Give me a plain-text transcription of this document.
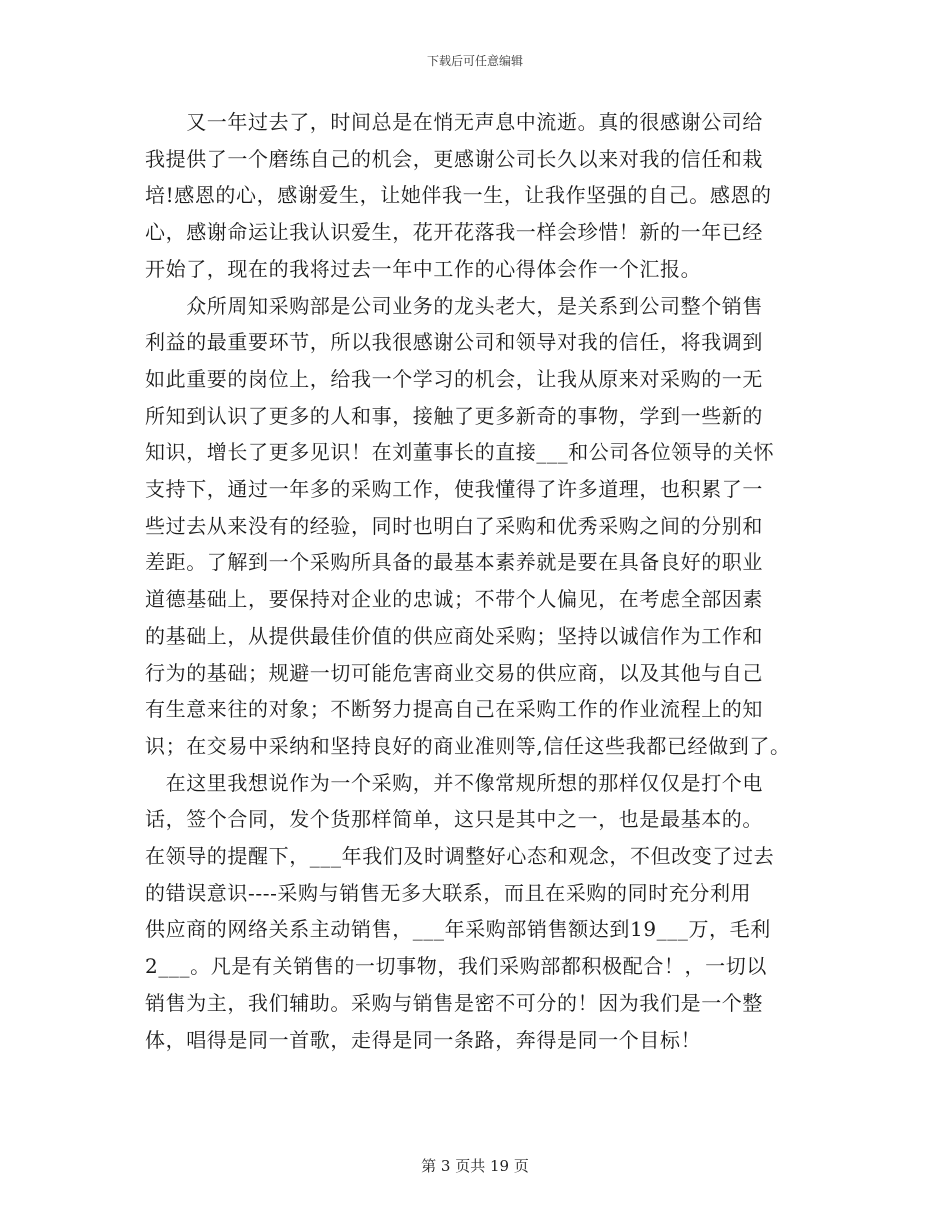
下载后可任意编辑

　　又一年过去了，时间总是在悄无声息中流逝。真的很感谢公司给
我提供了一个磨练自己的机会，更感谢公司长久以来对我的信任和栽
培!感恩的心，感谢爱生，让她伴我一生，让我作坚强的自己。感恩的
心，感谢命运让我认识爱生，花开花落我一样会珍惜！新的一年已经
开始了，现在的我将过去一年中工作的心得体会作一个汇报。

　　众所周知采购部是公司业务的龙头老大，是关系到公司整个销售
利益的最重要环节，所以我很感谢公司和领导对我的信任，将我调到
如此重要的岗位上，给我一个学习的机会，让我从原来对采购的一无
所知到认识了更多的人和事，接触了更多新奇的事物，学到一些新的
知识，增长了更多见识！在刘董事长的直接___和公司各位领导的关怀
支持下，通过一年多的采购工作，使我懂得了许多道理，也积累了一
些过去从来没有的经验，同时也明白了采购和优秀采购之间的分别和
差距。了解到一个采购所具备的最基本素养就是要在具备良好的职业
道德基础上，要保持对企业的忠诚；不带个人偏见，在考虑全部因素
的基础上，从提供最佳价值的供应商处采购；坚持以诚信作为工作和
行为的基础；规避一切可能危害商业交易的供应商，以及其他与自己
有生意来往的对象；不断努力提高自己在采购工作的作业流程上的知
识；在交易中采纳和坚持良好的商业准则等,信任这些我都已经做到了。

　在这里我想说作为一个采购，并不像常规所想的那样仅仅是打个电
话，签个合同，发个货那样简单，这只是其中之一，也是最基本的。
在领导的提醒下，___年我们及时调整好心态和观念，不但改变了过去
的错误意识----采购与销售无多大联系，而且在采购的同时充分利用
供应商的网络关系主动销售，___年采购部销售额达到19___万，毛利
2___。凡是有关销售的一切事物，我们采购部都积极配合！，一切以
销售为主，我们辅助。采购与销售是密不可分的！因为我们是一个整
体，唱得是同一首歌，走得是同一条路，奔得是同一个目标！

第 3 页共 19 页
